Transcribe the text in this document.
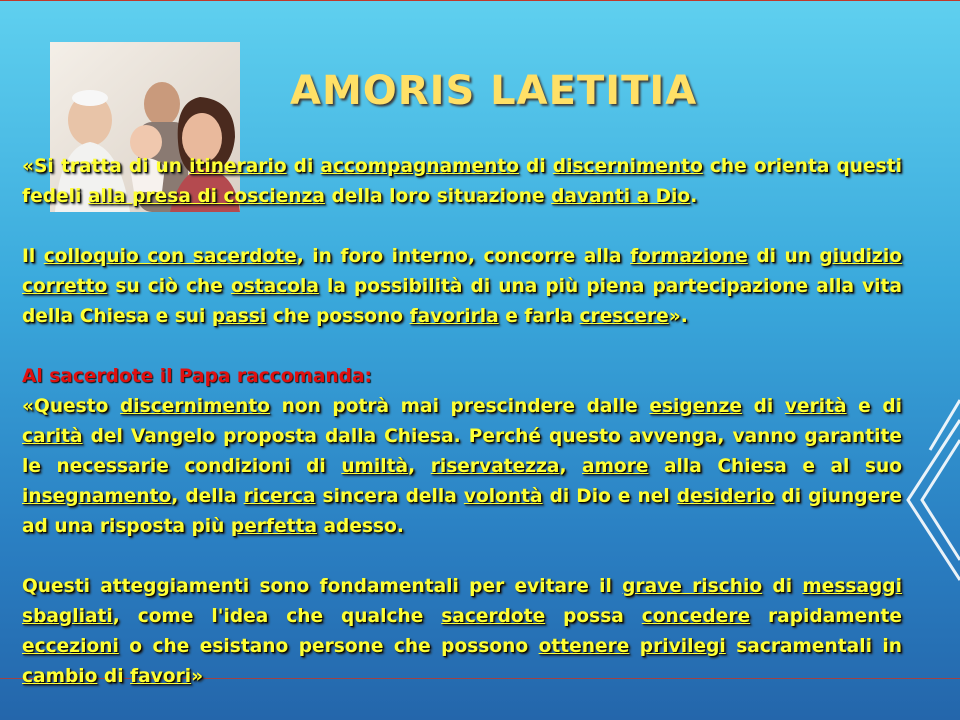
AMORIS LAETITIA

«Si tratta di un itinerario di accompagnamento di discernimento che orienta questi fedeli alla presa di coscienza della loro situazione davanti a Dio.

Il colloquio con sacerdote, in foro interno, concorre alla formazione di un giudizio corretto su ciò che ostacola la possibilità di una più piena partecipazione alla vita della Chiesa e sui passi che possono favorirla e farla crescere».

Al sacerdote il Papa raccomanda:

«Questo discernimento non potrà mai prescindere dalle esigenze di verità e di carità del Vangelo proposta dalla Chiesa. Perché questo avvenga, vanno garantite le necessarie condizioni di umiltà, riservatezza, amore alla Chiesa e al suo insegnamento, della ricerca sincera della volontà di Dio e nel desiderio di giungere ad una risposta più perfetta adesso.

Questi atteggiamenti sono fondamentali per evitare il grave rischio di messaggi sbagliati, come l'idea che qualche sacerdote possa concedere rapidamente eccezioni o che esistano persone che possono ottenere privilegi sacramentali in cambio di favori»
